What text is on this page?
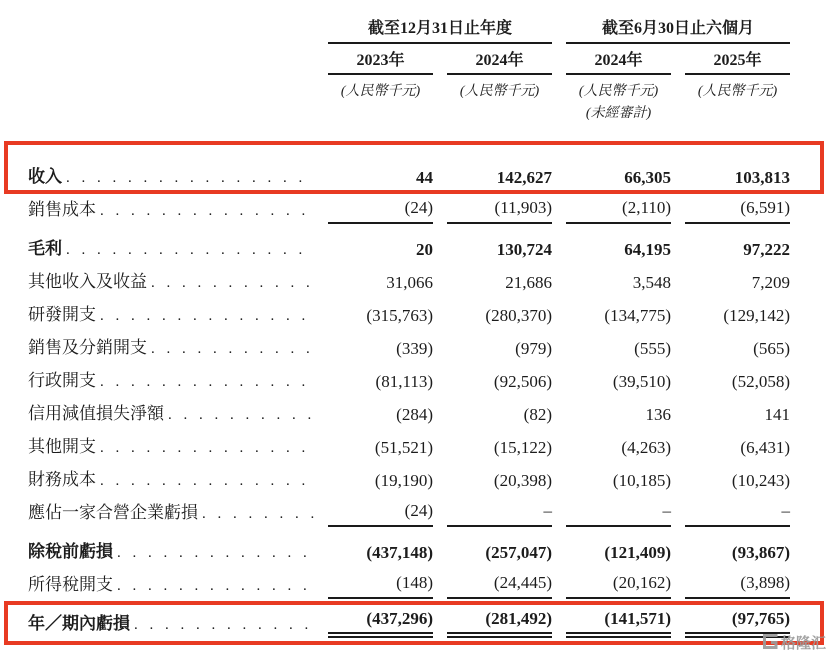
截至12月31日止年度	截至6月30日止六個月
2023年	2024年	2024年	2025年
(人民幣千元)	(人民幣千元)	(人民幣千元)	(人民幣千元)
(未經審計)
收入 . . .	44	142,627	66,305	103,813
銷售成本 . . .	(24)	(11,903)	(2,110)	(6,591)
毛利 . . .	20	130,724	64,195	97,222
其他收入及收益 . . .	31,066	21,686	3,548	7,209
研發開支 . . .	(315,763)	(280,370)	(134,775)	(129,142)
銷售及分銷開支 . . .	(339)	(979)	(555)	(565)
行政開支 . . .	(81,113)	(92,506)	(39,510)	(52,058)
信用減值損失淨額 . . .	(284)	(82)	136	141
其他開支 . . .	(51,521)	(15,122)	(4,263)	(6,431)
財務成本 . . .	(19,190)	(20,398)	(10,185)	(10,243)
應佔一家合營企業虧損 . . .	(24)	–	–	–
除稅前虧損 . . .	(437,148)	(257,047)	(121,409)	(93,867)
所得稅開支 . . .	(148)	(24,445)	(20,162)	(3,898)
年／期內虧損 . . .	(437,296)	(281,492)	(141,571)	(97,765)
格隆汇
